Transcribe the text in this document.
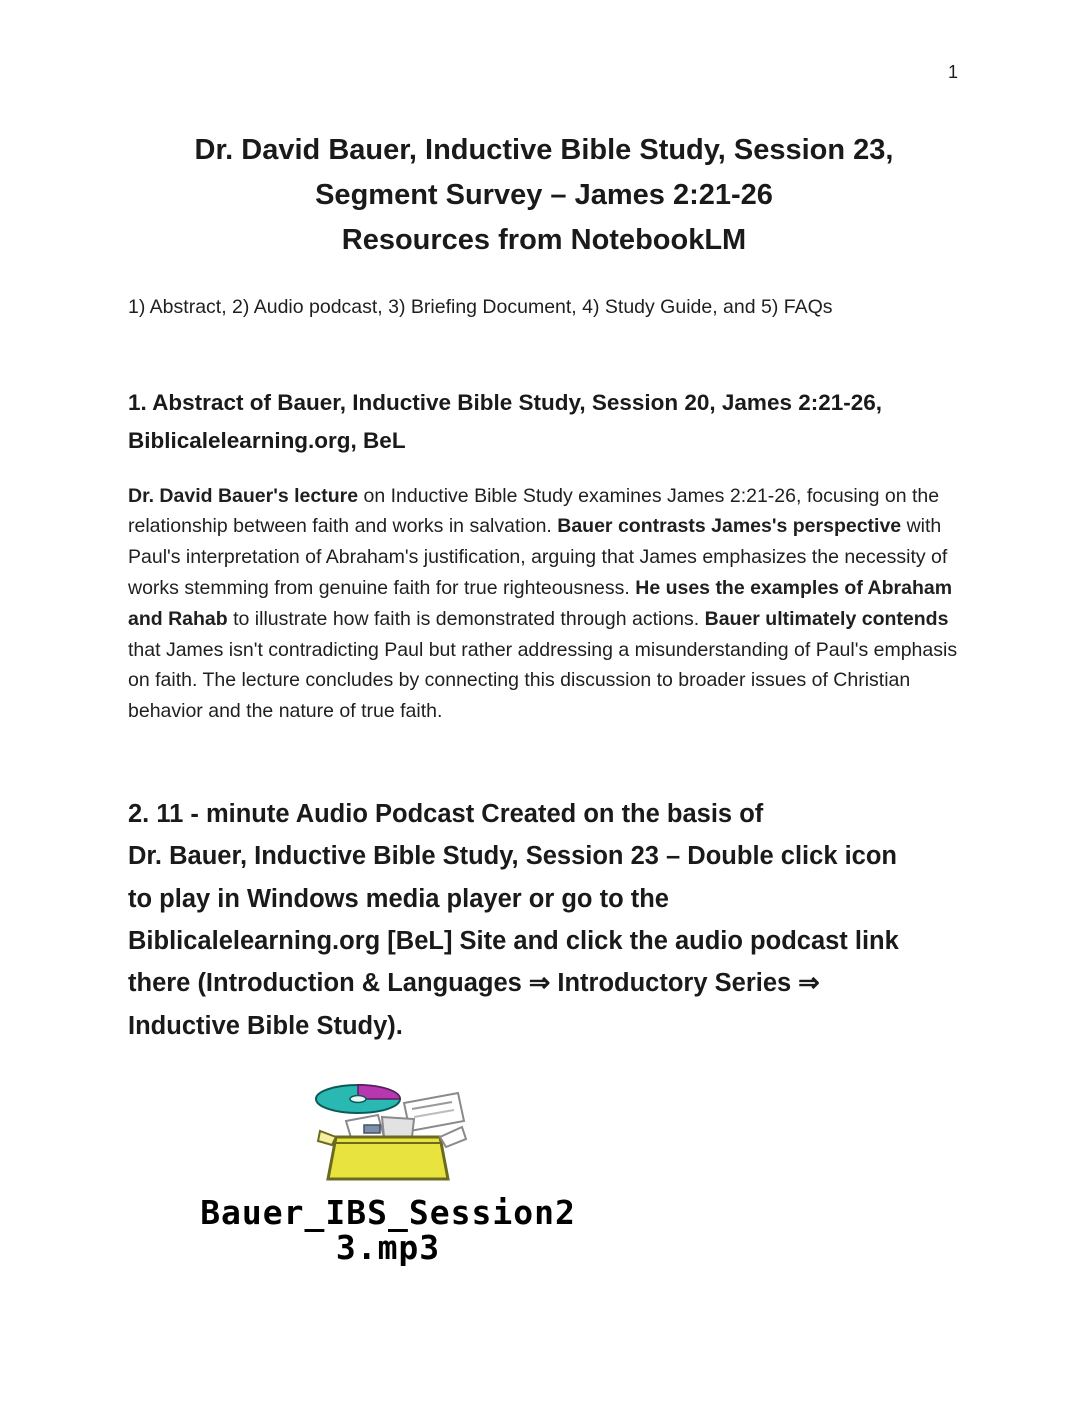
1
Dr. David Bauer, Inductive Bible Study, Session 23,
Segment Survey – James 2:21-26
Resources from NotebookLM
1) Abstract, 2) Audio podcast, 3) Briefing Document, 4) Study Guide, and 5) FAQs
1. Abstract of Bauer, Inductive Bible Study, Session 20, James 2:21-26,
Biblicalelearning.org, BeL
Dr. David Bauer's lecture on Inductive Bible Study examines James 2:21-26, focusing on the relationship between faith and works in salvation. Bauer contrasts James's perspective with Paul's interpretation of Abraham's justification, arguing that James emphasizes the necessity of works stemming from genuine faith for true righteousness. He uses the examples of Abraham and Rahab to illustrate how faith is demonstrated through actions. Bauer ultimately contends that James isn't contradicting Paul but rather addressing a misunderstanding of Paul's emphasis on faith. The lecture concludes by connecting this discussion to broader issues of Christian behavior and the nature of true faith.
2. 11 - minute Audio Podcast Created on the basis of
Dr. Bauer, Inductive Bible Study, Session 23 – Double click icon
to play in Windows media player or go to the
Biblicalelearning.org [BeL] Site and click the audio podcast link
there (Introduction & Languages ⇒ Introductory Series ⇒
Inductive Bible Study).
Bauer_IBS_Session2
3.mp3
